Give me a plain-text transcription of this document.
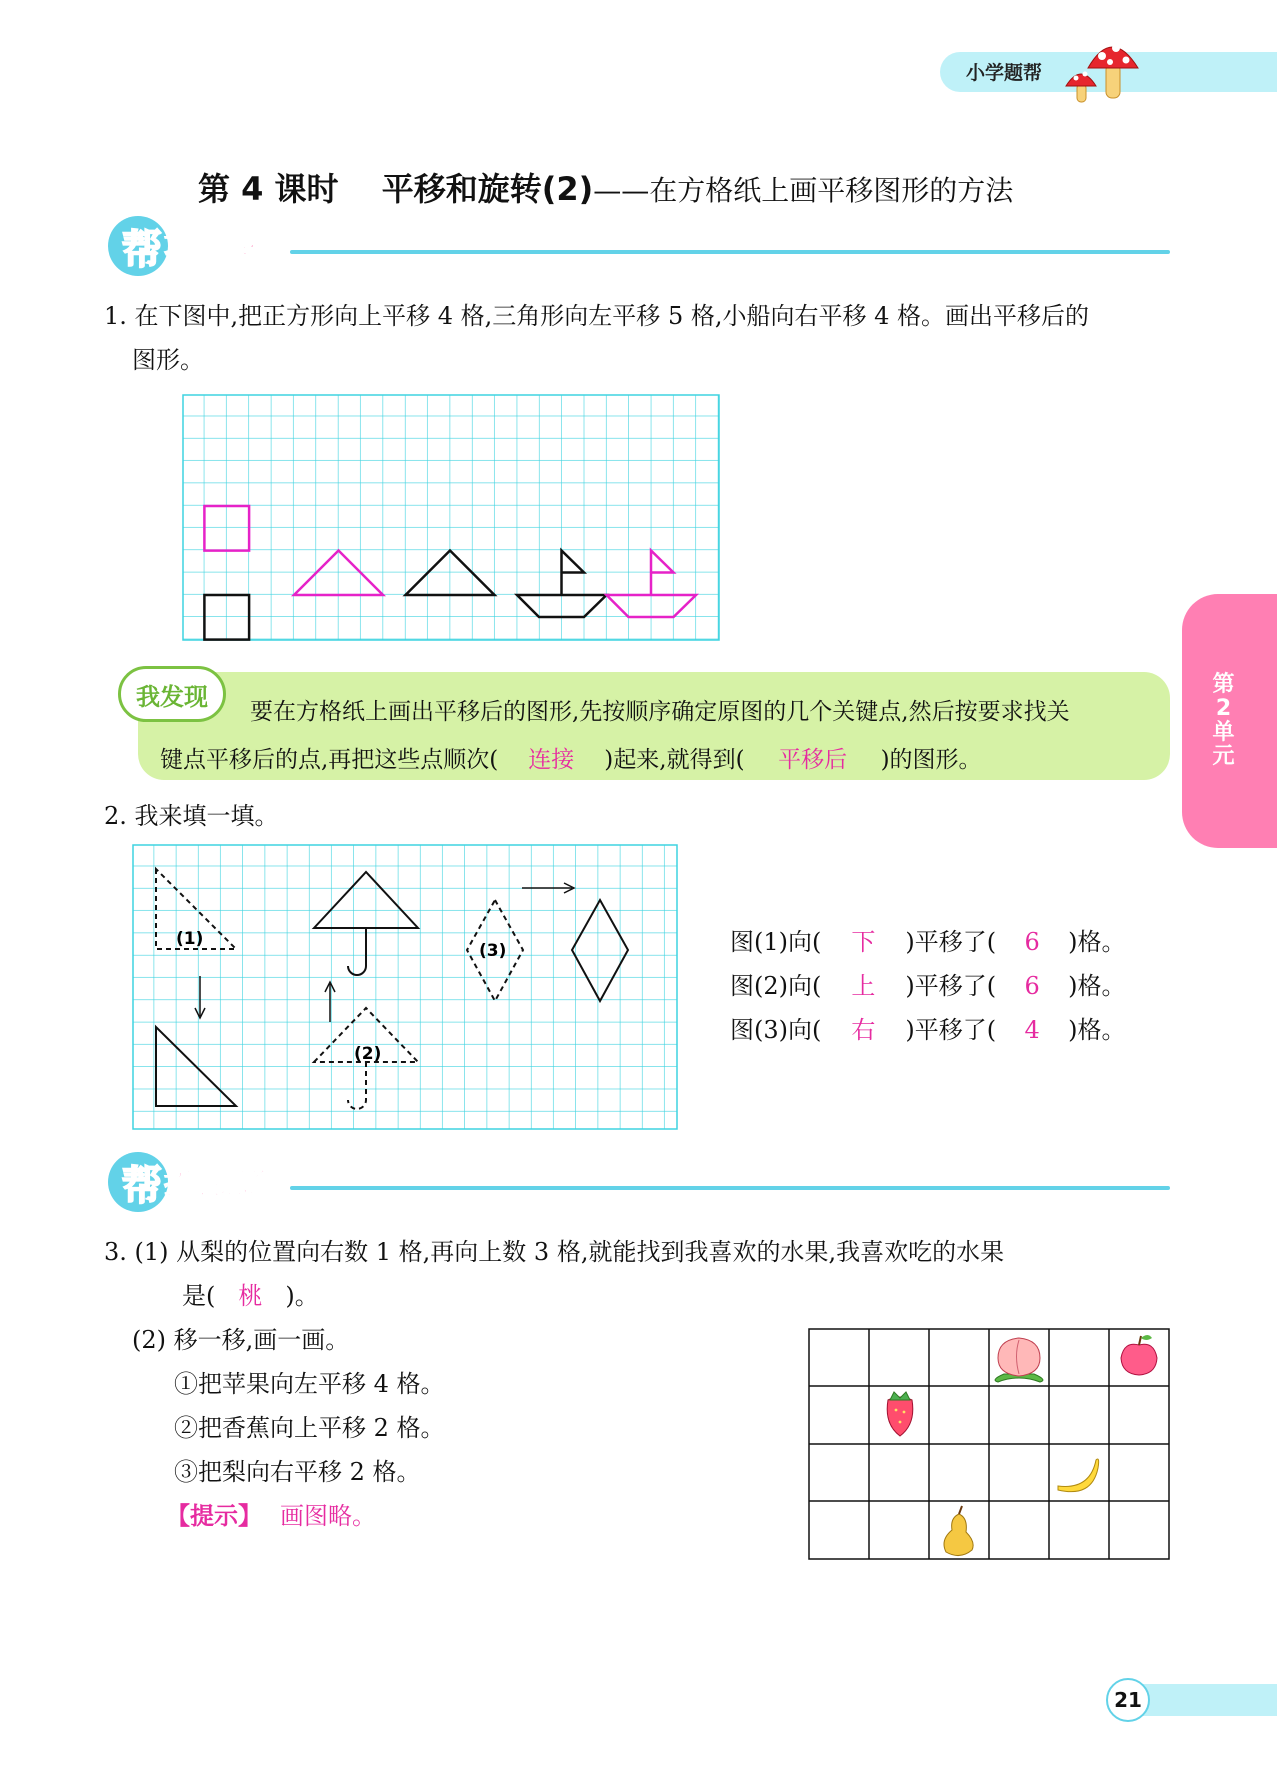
小学题帮
第 4 课时　 平移和旋转(2)——在方格纸上画平移图形的方法
帮 巩固基础
1. 在下图中,把正方形向上平移 4 格,三角形向左平移 5 格,小船向右平移 4 格。画出平移后的
图形。
我发现
要在方格纸上画出平移后的图形,先按顺序确定原图的几个关键点,然后按要求找关
键点平移后的点,再把这些点顺次( 连接 )起来,就得到( 平移后 )的图形。
2. 我来填一填。
(1)
(2)
(3)	图(1)向( 下 )平移了( 6 )格。
图(2)向( 上 )平移了( 6 )格。
图(3)向( 右 )平移了( 4 )格。
帮 拓展思维
3. (1) 从梨的位置向右数 1 格,再向上数 3 格,就能找到我喜欢的水果,我喜欢吃的水果
是( 桃 )。
(2) 移一移,画一画。
①把苹果向左平移 4 格。
②把香蕉向上平移 2 格。
③把梨向右平移 2 格。
【提示】 画图略。
第
2
单
元
21
